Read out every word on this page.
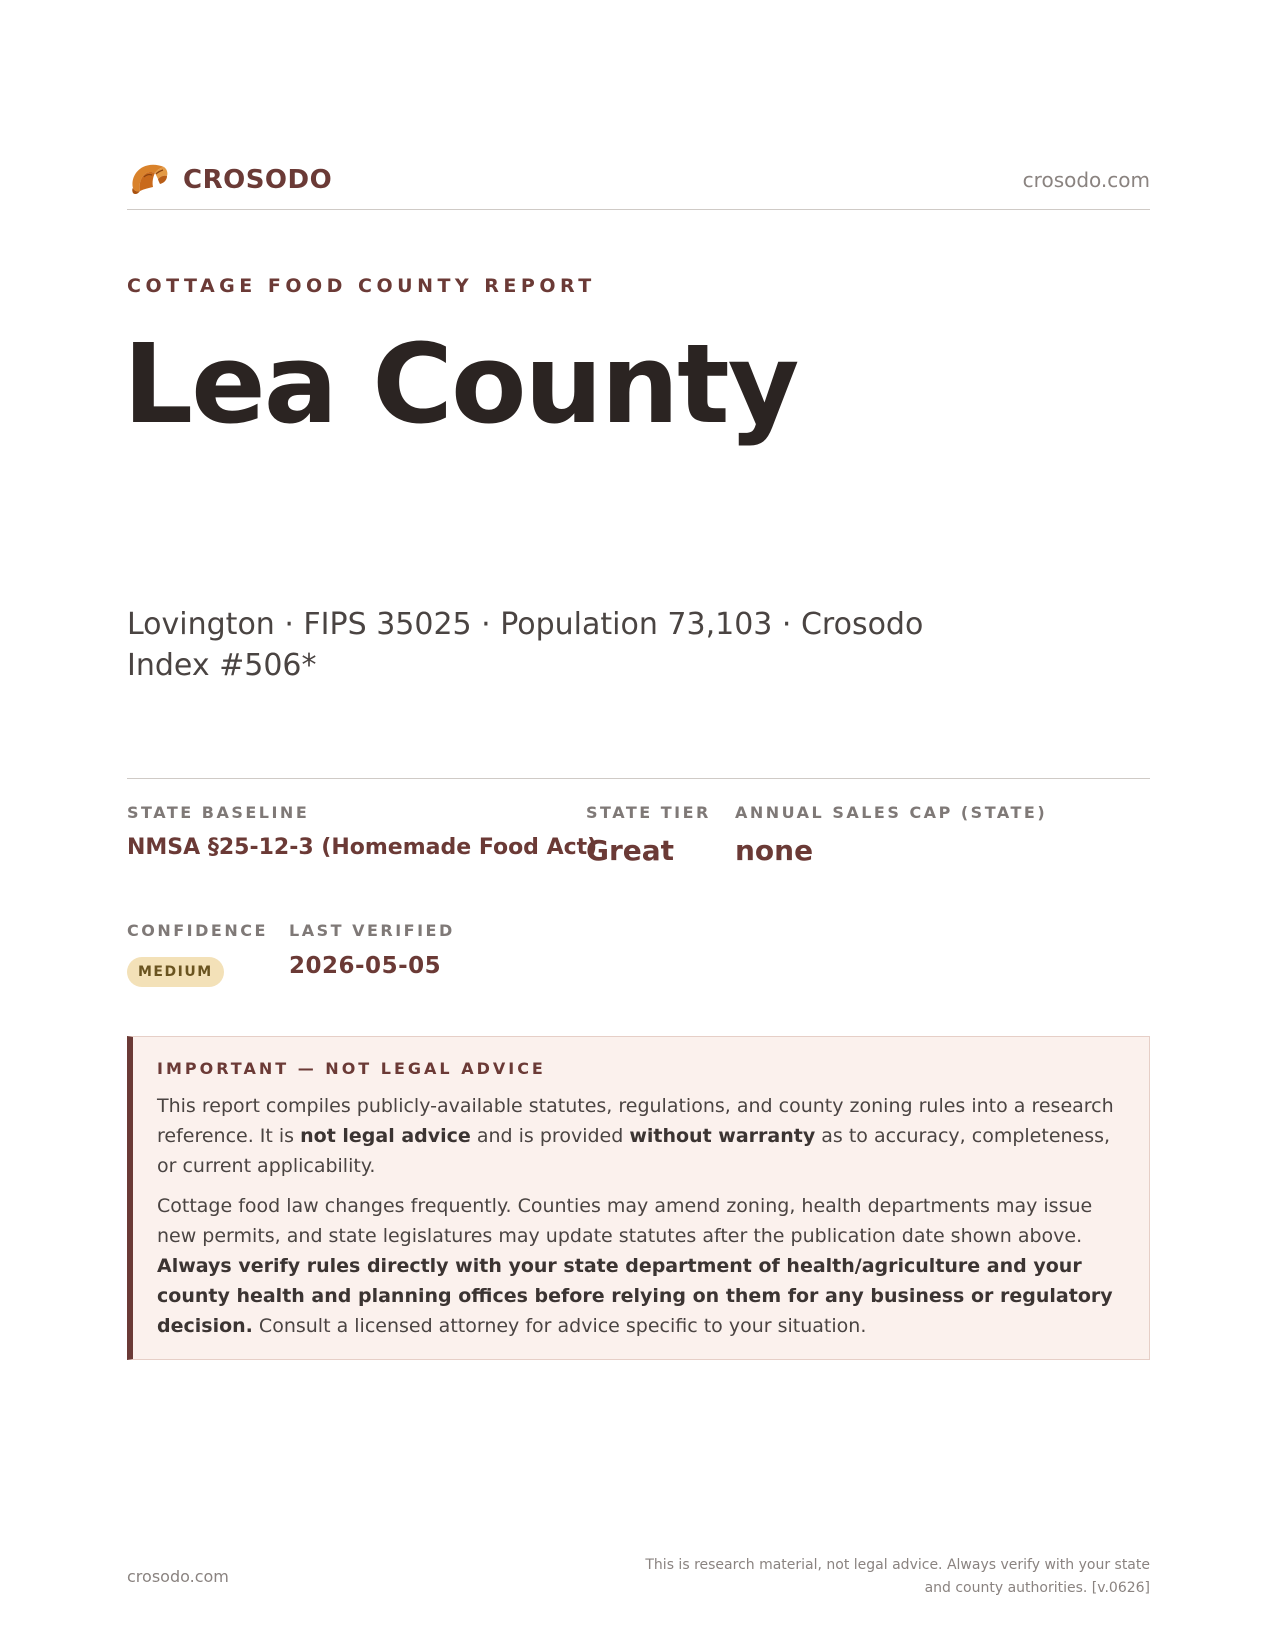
CROSODO	crosodo.com
COTTAGE FOOD COUNTY REPORT
Lea County
Lovington · FIPS 35025 · Population 73,103 · Crosodo Index #506*
STATE BASELINE
NMSA §25-12-3 (Homemade Food Act)
STATE TIER
Great
ANNUAL SALES CAP (STATE)
none
CONFIDENCE
MEDIUM
LAST VERIFIED
2026-05-05
IMPORTANT — NOT LEGAL ADVICE

This report compiles publicly-available statutes, regulations, and county zoning rules into a research reference. It is not legal advice and is provided without warranty as to accuracy, completeness, or current applicability.

Cottage food law changes frequently. Counties may amend zoning, health departments may issue new permits, and state legislatures may update statutes after the publication date shown above. Always verify rules directly with your state department of health/agriculture and your county health and planning offices before relying on them for any business or regulatory decision. Consult a licensed attorney for advice specific to your situation.

crosodo.com
This is research material, not legal advice. Always verify with your state and county authorities. [v.0626]
